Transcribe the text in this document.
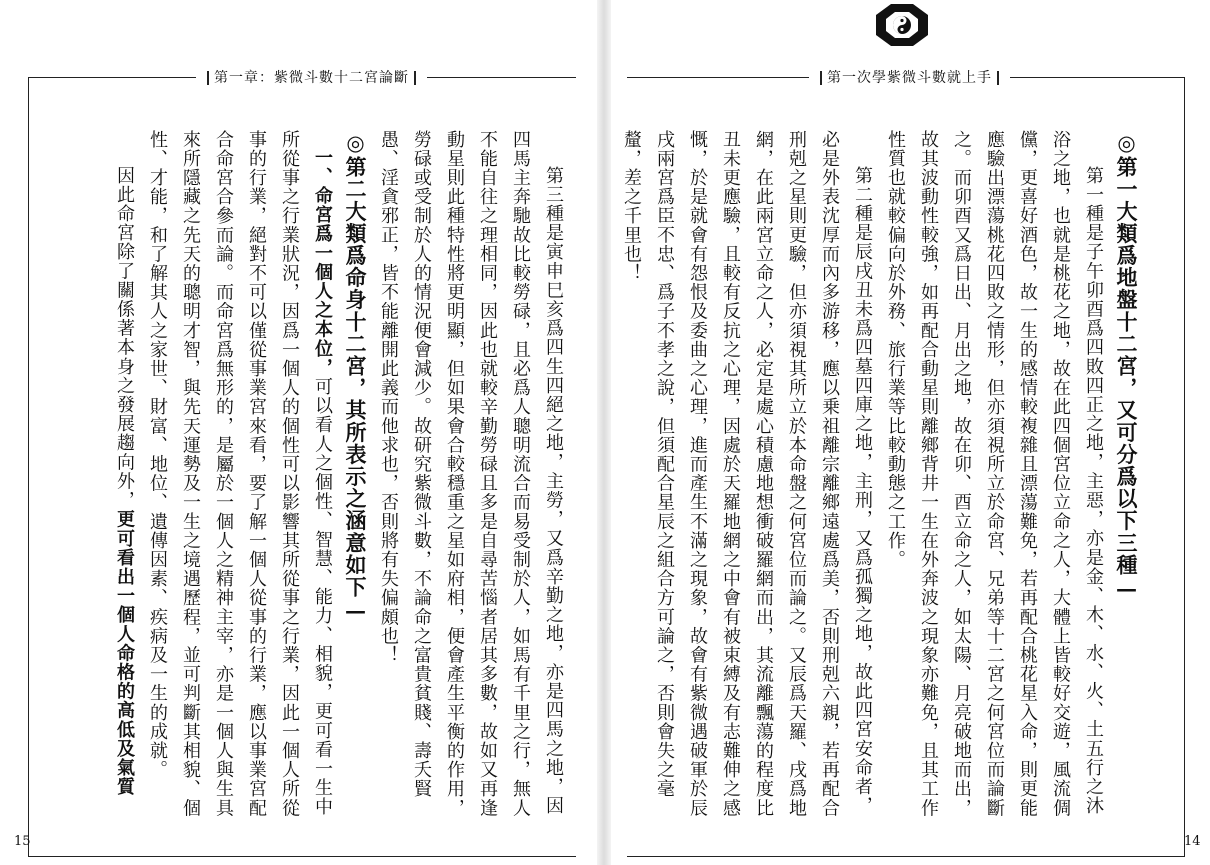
第一次學紫微斗數就上手

◎第一大類爲地盤十二宮，又可分爲以下三種—

第一種是子午卯酉爲四敗四正之地，主惡，亦是金、木、水、火、土五行之沐浴之地，也就是桃花之地，故在此四個宮位立命之人，大體上皆較好交遊，風流倜儻，更喜好酒色，故一生的感情較複雜且漂蕩難免，若再配合桃花星入命，則更能應驗出漂蕩桃花四敗之情形，但亦須視所立於命宮、兄弟等十二宮之何宮位而論斷之。而卯酉又爲日出、月出之地，故在卯、酉立命之人，如太陽、月亮破地而出，故其波動性較強，如再配合動星則離鄉背井一生在外奔波之現象亦難免，且其工作性質也就較偏向於外務、旅行業等比較動態之工作。

第二種是辰戌丑未爲四墓四庫之地，主刑，又爲孤獨之地，故此四宮安命者，必是外表沈厚而內多游移，應以乗祖離宗離鄉遠處爲美，否則刑剋六親，若再配合刑剋之星則更驗，但亦須視其所立於本命盤之何宮位而論之。又辰爲天羅、戌爲地網，在此兩宮立命之人，必定是處心積慮地想衝破羅網而出，其流離飄蕩的程度比丑未更應驗，且較有反抗之心理，因處於天羅地網之中會有被束縛及有志難伸之感慨，於是就會有怨恨及委曲之心理，進而產生不滿之現象，故會有紫微遇破軍於辰戌兩宮爲臣不忠、爲子不孝之說，但須配合星辰之組合方可論之，否則會失之毫釐，差之千里也！

14
第一章：紫微斗數十二宮論斷

第三種是寅申巳亥爲四生四絕之地，主勞，又爲辛勤之地，亦是四馬之地，因四馬主奔馳故比較勞碌，且必爲人聰明流合而易受制於人，如馬有千里之行，無人不能自往之理相同，因此也就較辛勤勞碌且多是自尋苦惱者居其多數，故如又再逢動星則此種特性將更明顯，但如果會合較穩重之星如府相，便會產生平衡的作用，勞碌或受制於人的情況便會減少。故研究紫微斗數，不論命之富貴貧賤、壽夭賢愚、淫貪邪正，皆不能離開此義而他求也，否則將有失偏頗也！

◎第二大類爲命身十二宮，其所表示之涵意如下—

一、命宮爲一個人之本位，可以看人之個性、智慧、能力、相貌，更可看一生中所從事之行業狀況，因爲一個人的個性可以影響其所從事之行業，因此一個人所從事的行業，絕對不可以僅從事業宮來看，要了解一個人從事的行業，應以事業宮配合命宮合參而論。而命宮爲無形的，是屬於一個人之精神主宰，亦是一個人與生具來所隱藏之先天的聰明才智，與先天運勢及一生之境遇歷程，並可判斷其相貌、個性、才能，和了解其人之家世、財富、地位、遺傳因素、疾病及一生的成就。

因此命宮除了關係著本身之發展趨向外，更可看出一個人命格的高低及氣質

15
